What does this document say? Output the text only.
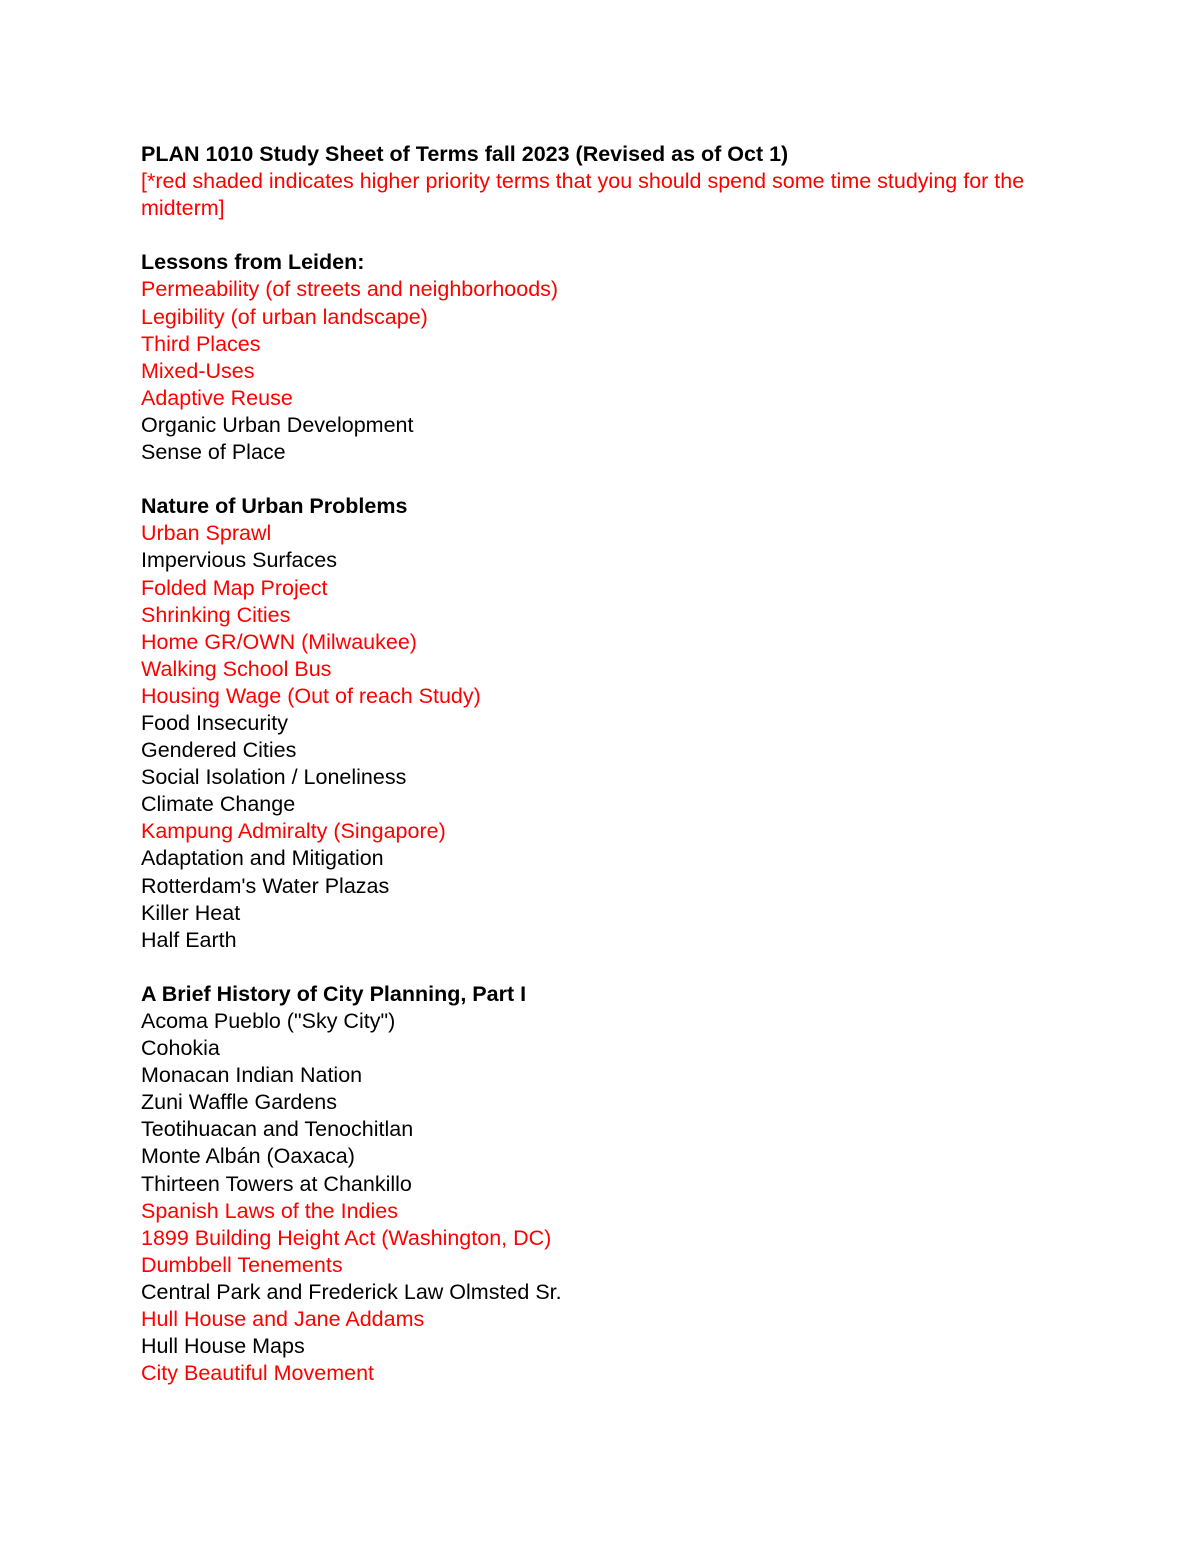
PLAN 1010 Study Sheet of Terms fall 2023 (Revised as of Oct 1)
[*red shaded indicates higher priority terms that you should spend some time studying for the midterm]
Lessons from Leiden:
Permeability (of streets and neighborhoods)
Legibility (of urban landscape)
Third Places
Mixed-Uses
Adaptive Reuse
Organic Urban Development
Sense of Place
Nature of Urban Problems
Urban Sprawl
Impervious Surfaces
Folded Map Project
Shrinking Cities
Home GR/OWN (Milwaukee)
Walking School Bus
Housing Wage (Out of reach Study)
Food Insecurity
Gendered Cities
Social Isolation / Loneliness
Climate Change
Kampung Admiralty (Singapore)
Adaptation and Mitigation
Rotterdam's Water Plazas
Killer Heat
Half Earth
A Brief History of City Planning, Part I
Acoma Pueblo ("Sky City")
Cohokia
Monacan Indian Nation
Zuni Waffle Gardens
Teotihuacan and Tenochitlan
Monte Albán (Oaxaca)
Thirteen Towers at Chankillo
Spanish Laws of the Indies
1899 Building Height Act (Washington, DC)
Dumbbell Tenements
Central Park and Frederick Law Olmsted Sr.
Hull House and Jane Addams
Hull House Maps
City Beautiful Movement
